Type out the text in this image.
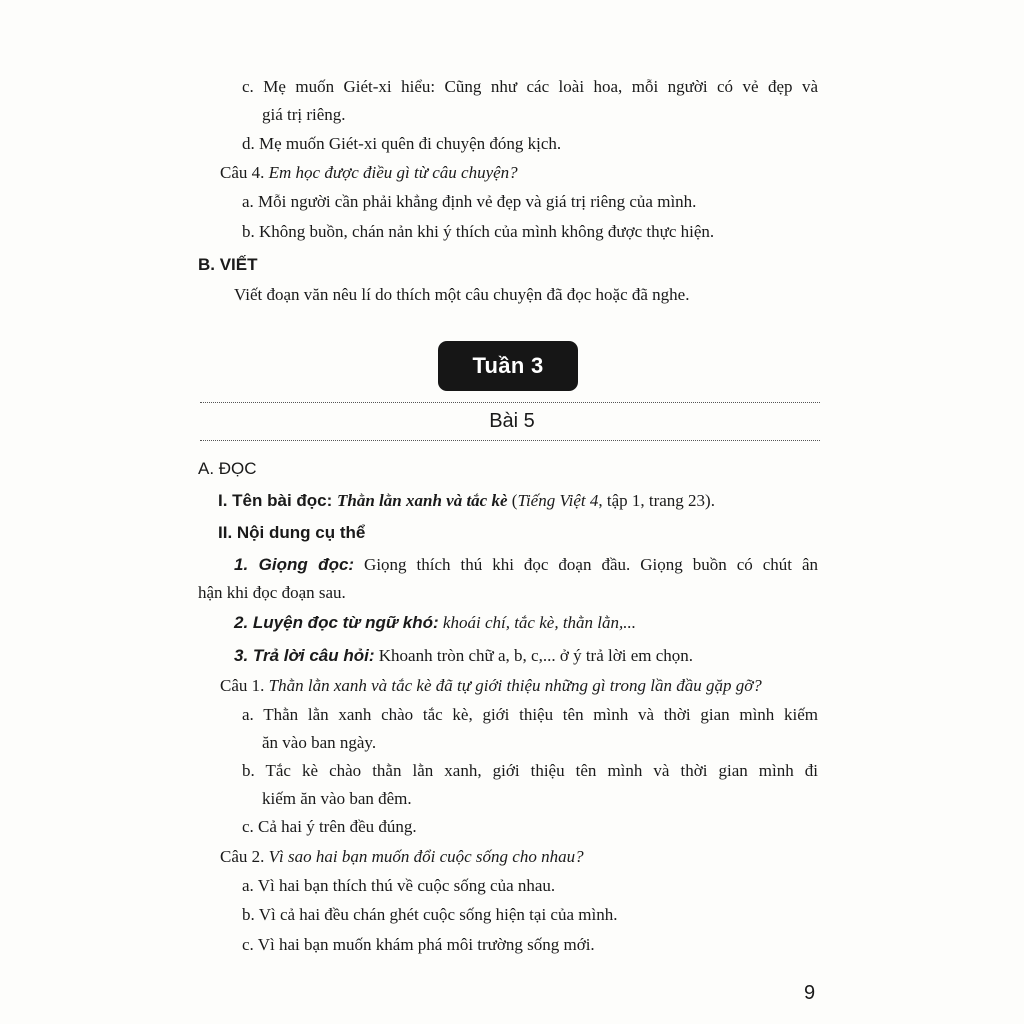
c. Mẹ muốn Giét-xi hiểu: Cũng như các loài hoa, mỗi người có vẻ đẹp và
giá trị riêng.
d. Mẹ muốn Giét-xi quên đi chuyện đóng kịch.
Câu 4. Em học được điều gì từ câu chuyện?
a. Mỗi người cần phải khẳng định vẻ đẹp và giá trị riêng của mình.
b. Không buồn, chán nản khi ý thích của mình không được thực hiện.
B. VIẾT
Viết đoạn văn nêu lí do thích một câu chuyện đã đọc hoặc đã nghe.
Tuần 3
Bài 5
A. ĐỌC
I. Tên bài đọc: Thằn lằn xanh và tắc kè (Tiếng Việt 4, tập 1, trang 23).
II. Nội dung cụ thể
1. Giọng đọc: Giọng thích thú khi đọc đoạn đầu. Giọng buồn có chút ân
hận khi đọc đoạn sau.
2. Luyện đọc từ ngữ khó: khoái chí, tắc kè, thằn lằn,...
3. Trả lời câu hỏi: Khoanh tròn chữ a, b, c,... ở ý trả lời em chọn.
Câu 1. Thằn lằn xanh và tắc kè đã tự giới thiệu những gì trong lần đầu gặp gỡ?
a. Thằn lằn xanh chào tắc kè, giới thiệu tên mình và thời gian mình kiếm
ăn vào ban ngày.
b. Tắc kè chào thằn lằn xanh, giới thiệu tên mình và thời gian mình đi
kiếm ăn vào ban đêm.
c. Cả hai ý trên đều đúng.
Câu 2. Vì sao hai bạn muốn đổi cuộc sống cho nhau?
a. Vì hai bạn thích thú về cuộc sống của nhau.
b. Vì cả hai đều chán ghét cuộc sống hiện tại của mình.
c. Vì hai bạn muốn khám phá môi trường sống mới.
9
